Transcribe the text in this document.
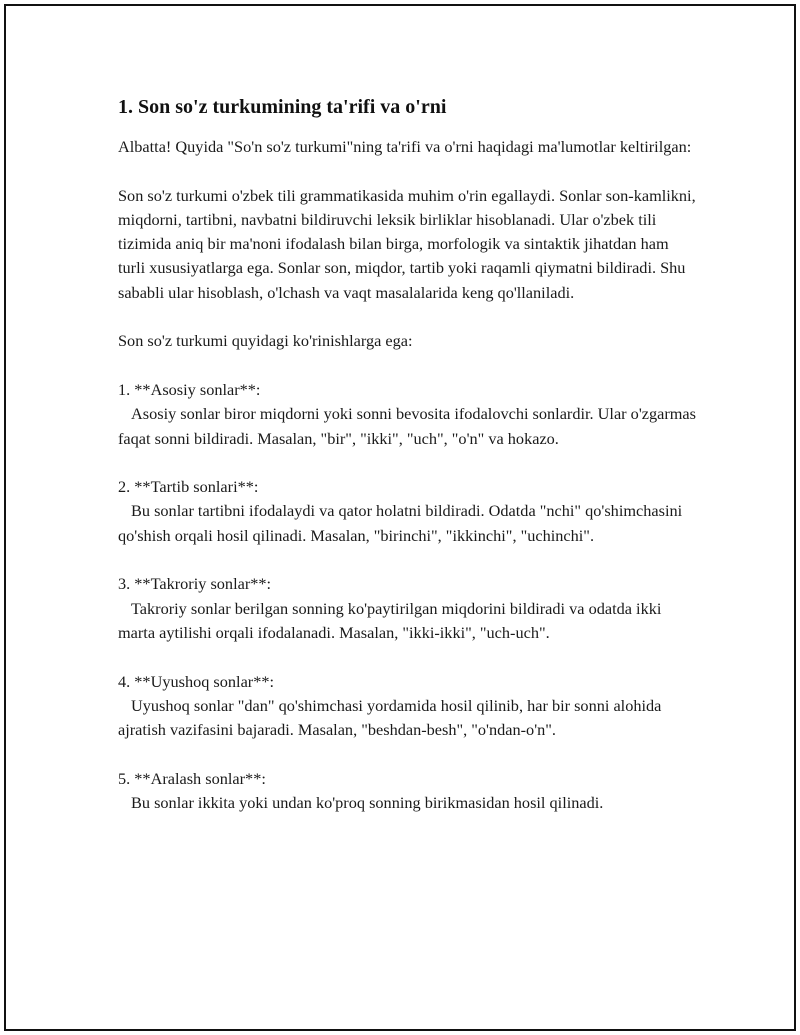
1. Son so'z turkumining ta'rifi va o'rni

Albatta! Quyida "So'n so'z turkumi"ning ta'rifi va o'rni haqidagi ma'lumotlar keltirilgan:

Son so'z turkumi o'zbek tili grammatikasida muhim o'rin egallaydi. Sonlar son-kamlikni, miqdorni, tartibni, navbatni bildiruvchi leksik birliklar hisoblanadi. Ular o'zbek tili tizimida aniq bir ma'noni ifodalash bilan birga, morfologik va sintaktik jihatdan ham turli xususiyatlarga ega. Sonlar son, miqdor, tartib yoki raqamli qiymatni bildiradi. Shu sababli ular hisoblash, o'lchash va vaqt masalalarida keng qo'llaniladi.

Son so'z turkumi quyidagi ko'rinishlarga ega:

1. **Asosiy sonlar**:

Asosiy sonlar biror miqdorni yoki sonni bevosita ifodalovchi sonlardir. Ular o'zgarmas faqat sonni bildiradi. Masalan, "bir", "ikki", "uch", "o'n" va hokazo.

2. **Tartib sonlari**:

Bu sonlar tartibni ifodalaydi va qator holatni bildiradi. Odatda "nchi" qo'shimchasini qo'shish orqali hosil qilinadi. Masalan, "birinchi", "ikkinchi", "uchinchi".

3. **Takroriy sonlar**:

Takroriy sonlar berilgan sonning ko'paytirilgan miqdorini bildiradi va odatda ikki marta aytilishi orqali ifodalanadi. Masalan, "ikki-ikki", "uch-uch".

4. **Uyushoq sonlar**:

Uyushoq sonlar "dan" qo'shimchasi yordamida hosil qilinib, har bir sonni alohida ajratish vazifasini bajaradi. Masalan, "beshdan-besh", "o'ndan-o'n".

5. **Aralash sonlar**:

Bu sonlar ikkita yoki undan ko'proq sonning birikmasidan hosil qilinadi.
